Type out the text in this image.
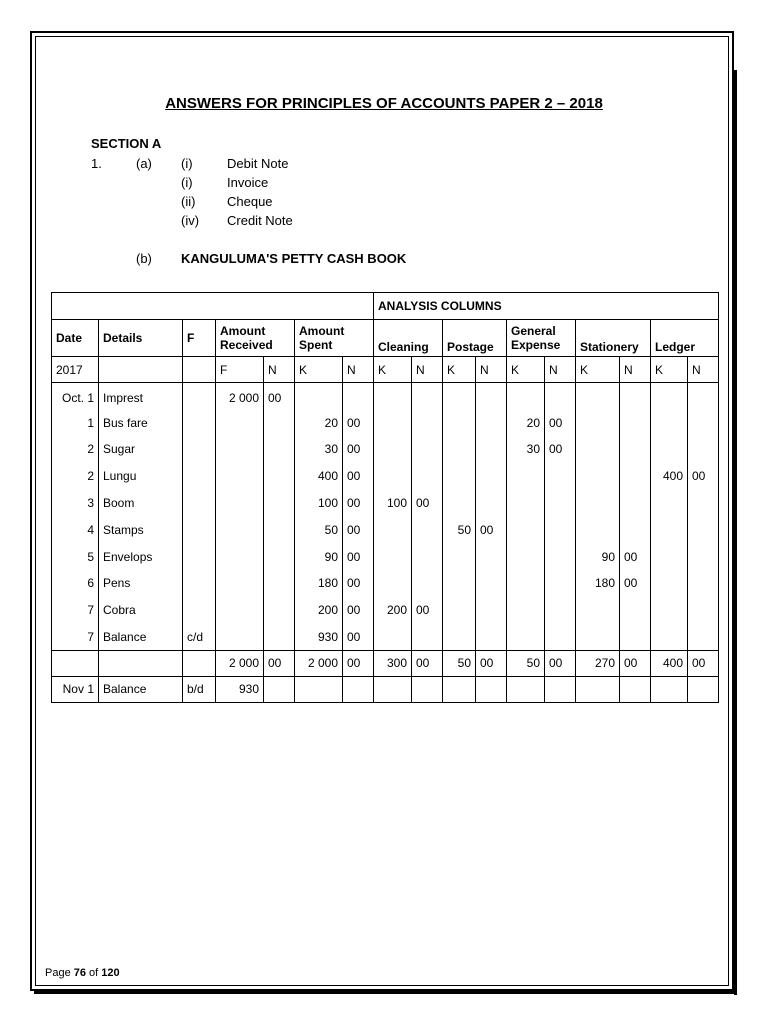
ANSWERS FOR PRINCIPLES OF ACCOUNTS PAPER 2 – 2018
SECTION A
1.	(a) (i)	Debit Note
(i)	Invoice
(ii) Cheque
(iv) Credit Note
(b) KANGULUMA'S PETTY CASH BOOK
							ANALYSIS COLUMNS									
Date	Details	F	Amount Received		Amount Spent		Cleaning		Postage		General Expense		Stationery		Ledger	
2017			F	N	K	N	K	N	K	N	K	N	K	N	K	N
Oct. 1	Imprest		2 000	00												
1	Bus fare				20	00					20	00				
2	Sugar				30	00					30	00				
2	Lungu				400	00									400	00
3	Boom				100	00	100	00								
4	Stamps				50	00			50	00						
5	Envelops				90	00							90	00		
6	Pens				180	00							180	00		
7	Cobra				200	00	200	00								
7	Balance	c/d			930	00										
			2 000	00	2 000	00	300	00	50	00	50	00	270	00	400	00
Nov 1	Balance	b/d	930													
Page 76 of 120
